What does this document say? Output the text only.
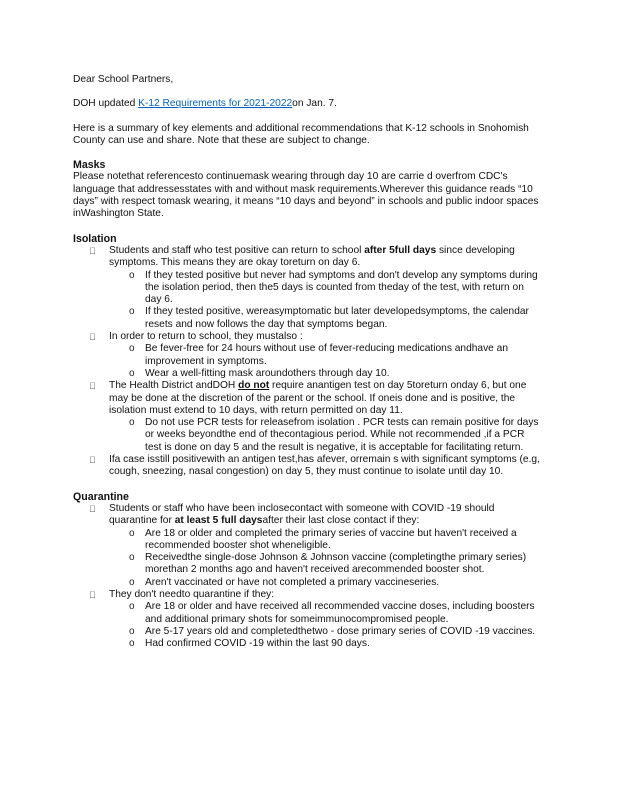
Dear School Partners,

DOH updated K-12 Requirements for 2021-2022on Jan. 7.

Here is a summary of key elements and additional recommendations that K-12 schools in Snohomish County can use and share. Note that these are subject to change.

Masks

Please notethat referencesto continuemask wearing through day 10 are carrie d overfrom CDC's language that addressesstates with and without mask requirements.Wherever this guidance reads “10 days” with respect tomask wearing, it means “10 days and beyond” in schools and public indoor spaces inWashington State.

Isolation

Students and staff who test positive can return to school after 5full days since developing symptoms. This means they are okay toreturn on day 6.
o If they tested positive but never had symptoms and don't develop any symptoms during the isolation period, then the5 days is counted from theday of the test, with return on day 6.
o If they tested positive, wereasymptomatic but later developedsymptoms, the calendar resets and now follows the day that symptoms began.
In order to return to school, they mustalso :
o Be fever-free for 24 hours without use of fever-reducing medications andhave an improvement in symptoms.
o Wear a well-fitting mask aroundothers through day 10.
The Health District andDOH do not require anantigen test on day 5toreturn onday 6, but one may be done at the discretion of the parent or the school. If oneis done and is positive, the isolation must extend to 10 days, with return permitted on day 11.
o Do not use PCR tests for releasefrom isolation . PCR tests can remain positive for days or weeks beyondthe end of thecontagious period. While not recommended ,if a PCR test is done on day 5 and the result is negative, it is acceptable for facilitating return.
Ifa case isstill positivewith an antigen test,has afever, orremain s with significant symptoms (e.g, cough, sneezing, nasal congestion) on day 5, they must continue to isolate until day 10.

Quarantine

Students or staff who have been inclosecontact with someone with COVID -19 should quarantine for at least 5 full daysafter their last close contact if they:
o Are 18 or older and completed the primary series of vaccine but haven't received a recommended booster shot wheneligible.
o Receivedthe single-dose Johnson & Johnson vaccine (completingthe primary series) morethan 2 months ago and haven't received arecommended booster shot.
o Aren't vaccinated or have not completed a primary vaccineseries.
They don't needto quarantine if they:
o Are 18 or older and have received all recommended vaccine doses, including boosters and additional primary shots for someimmunocompromised people.
o Are 5-17 years old and completedthetwo - dose primary series of COVID -19 vaccines.
o Had confirmed COVID -19 within the last 90 days.
